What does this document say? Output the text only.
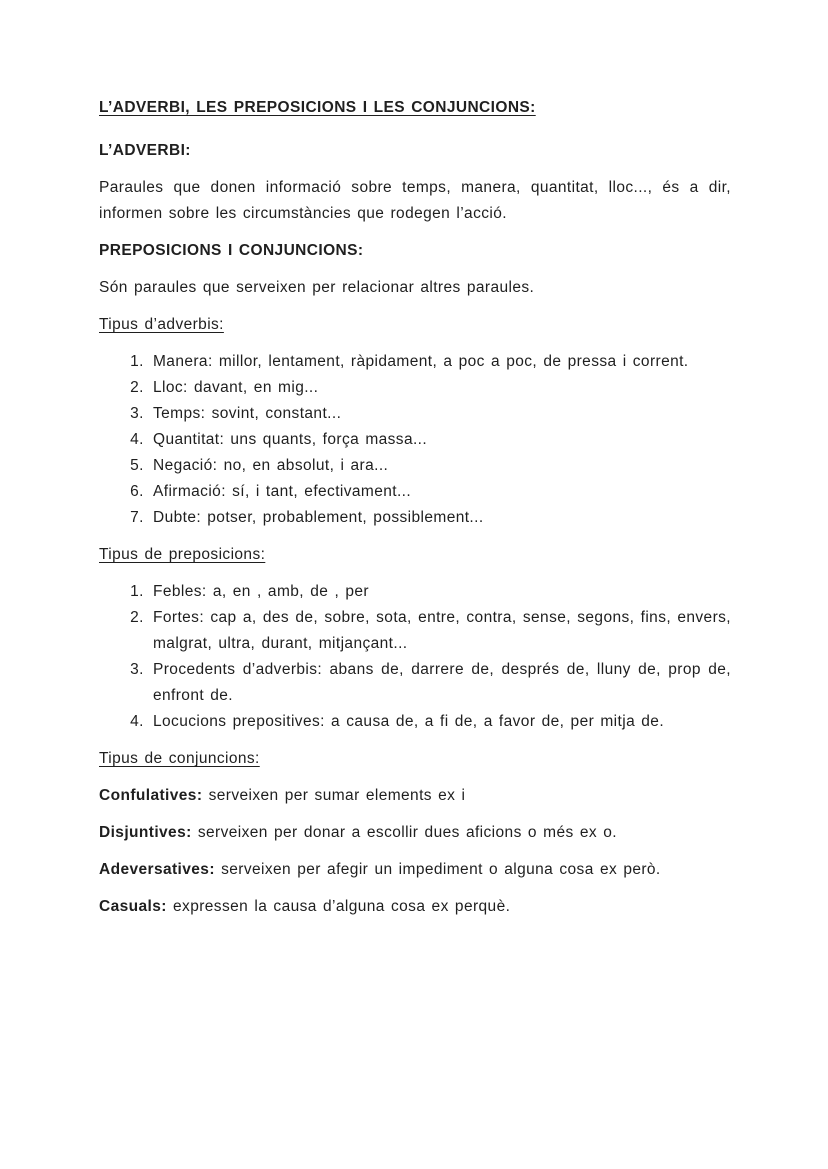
L’ADVERBI, LES PREPOSICIONS I LES CONJUNCIONS:
L’ADVERBI:

Paraules que donen informació sobre temps, manera, quantitat, lloc..., és a dir, informen sobre les circumstàncies que rodegen l’acció.

PREPOSICIONS I CONJUNCIONS:

Són paraules que serveixen per relacionar altres paraules.

Tipus d’adverbis:

1. Manera: millor, lentament, ràpidament, a poc a poc, de pressa i corrent.
2. Lloc: davant, en mig...
3. Temps: sovint, constant...
4. Quantitat: uns quants, força massa...
5. Negació: no, en absolut, i ara...
6. Afirmació: sí, i tant, efectivament...
7. Dubte: potser, probablement, possiblement...

Tipus de preposicions:

1. Febles: a, en , amb, de , per
2. Fortes: cap a, des de, sobre, sota, entre, contra, sense, segons, fins, envers, malgrat, ultra, durant, mitjançant...
3. Procedents d’adverbis: abans de, darrere de, després de, lluny de, prop de, enfront de.
4. Locucions prepositives: a causa de, a fi de, a favor de, per mitja de.

Tipus de conjuncions:

Confulatives: serveixen per sumar elements ex i

Disjuntives: serveixen per donar a escollir dues aficions o més ex o.

Adeversatives: serveixen per afegir un impediment o alguna cosa ex però.

Casuals: expressen la causa d’alguna cosa ex perquè.
